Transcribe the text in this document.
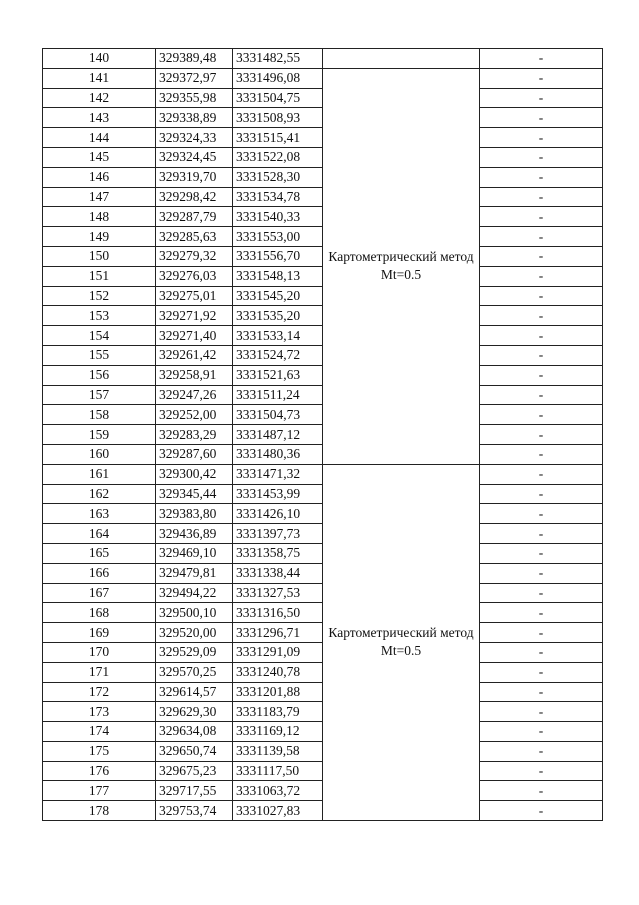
140	329389,48	3331482,55		-
141	329372,97	3331496,08	Картометрический метод Mt=0.5	-
142	329355,98	3331504,75		-
143	329338,89	3331508,93		-
144	329324,33	3331515,41		-
145	329324,45	3331522,08		-
146	329319,70	3331528,30		-
147	329298,42	3331534,78		-
148	329287,79	3331540,33		-
149	329285,63	3331553,00		-
150	329279,32	3331556,70		-
151	329276,03	3331548,13		-
152	329275,01	3331545,20		-
153	329271,92	3331535,20		-
154	329271,40	3331533,14		-
155	329261,42	3331524,72		-
156	329258,91	3331521,63		-
157	329247,26	3331511,24		-
158	329252,00	3331504,73		-
159	329283,29	3331487,12		-
160	329287,60	3331480,36		-
161	329300,42	3331471,32	Картометрический метод Mt=0.5	-
162	329345,44	3331453,99		-
163	329383,80	3331426,10		-
164	329436,89	3331397,73		-
165	329469,10	3331358,75		-
166	329479,81	3331338,44		-
167	329494,22	3331327,53		-
168	329500,10	3331316,50		-
169	329520,00	3331296,71		-
170	329529,09	3331291,09		-
171	329570,25	3331240,78		-
172	329614,57	3331201,88		-
173	329629,30	3331183,79		-
174	329634,08	3331169,12		-
175	329650,74	3331139,58		-
176	329675,23	3331117,50		-
177	329717,55	3331063,72		-
178	329753,74	3331027,83		-
